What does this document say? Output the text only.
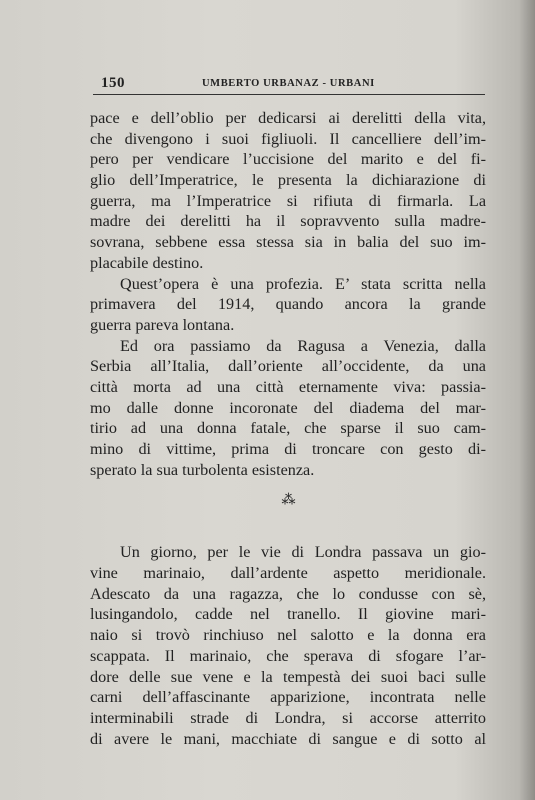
150	UMBERTO URBANAZ - URBANI
pace e dell’oblio per dedicarsi ai derelitti della vita,
che divengono i suoi figliuoli. Il cancelliere dell’im-
pero per vendicare l’uccisione del marito e del fi-
glio dell’Imperatrice, le presenta la dichiarazione di
guerra, ma l’Imperatrice si rifiuta di firmarla. La
madre dei derelitti ha il sopravvento sulla madre-
sovrana, sebbene essa stessa sia in balia del suo im-
placabile destino.
Quest’opera è una profezia. E’ stata scritta nella
primavera del 1914, quando ancora la grande
guerra pareva lontana.
Ed ora passiamo da Ragusa a Venezia, dalla
Serbia all’Italia, dall’oriente all’occidente, da una
città morta ad una città eternamente viva: passia-
mo dalle donne incoronate del diadema del mar-
tirio ad una donna fatale, che sparse il suo cam-
mino di vittime, prima di troncare con gesto di-
sperato la sua turbolenta esistenza.
⁂
Un giorno, per le vie di Londra passava un gio-
vine marinaio, dall’ardente aspetto meridionale.
Adescato da una ragazza, che lo condusse con sè,
lusingandolo, cadde nel tranello. Il giovine mari-
naio si trovò rinchiuso nel salotto e la donna era
scappata. Il marinaio, che sperava di sfogare l’ar-
dore delle sue vene e la tempestà dei suoi baci sulle
carni dell’affascinante apparizione, incontrata nelle
interminabili strade di Londra, si accorse atterrito
di avere le mani, macchiate di sangue e di sotto al
